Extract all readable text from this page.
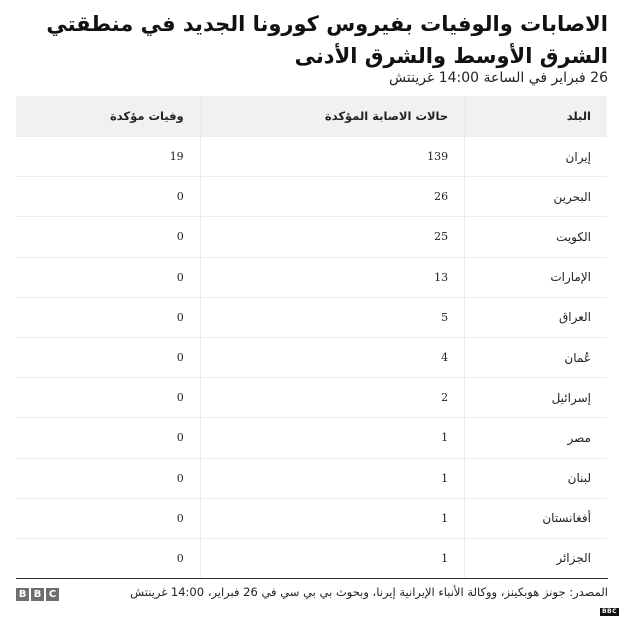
الاصابات والوفيات بفيروس كورونا الجديد في منطقتي الشرق الأوسط والشرق الأدنى
26 فبراير في الساعة 14:00 غرينتش
البلد	حالات الاصابة المؤكدة	وفيات مؤكدة
إيران	139	19
البحرين	26	0
الكويت	25	0
الإمارات	13	0
العراق	5	0
عُمان	4	0
إسرائيل	2	0
مصر	1	0
لبنان	1	0
أفغانستان	1	0
الجزائر	1	0
المصدر: جونز هوبكينز، ووكالة الأنباء الإيرانية إيرنا، وبحوث بي بي سي في 26 فبراير، 14:00 غرينتش
B B C
BBC
